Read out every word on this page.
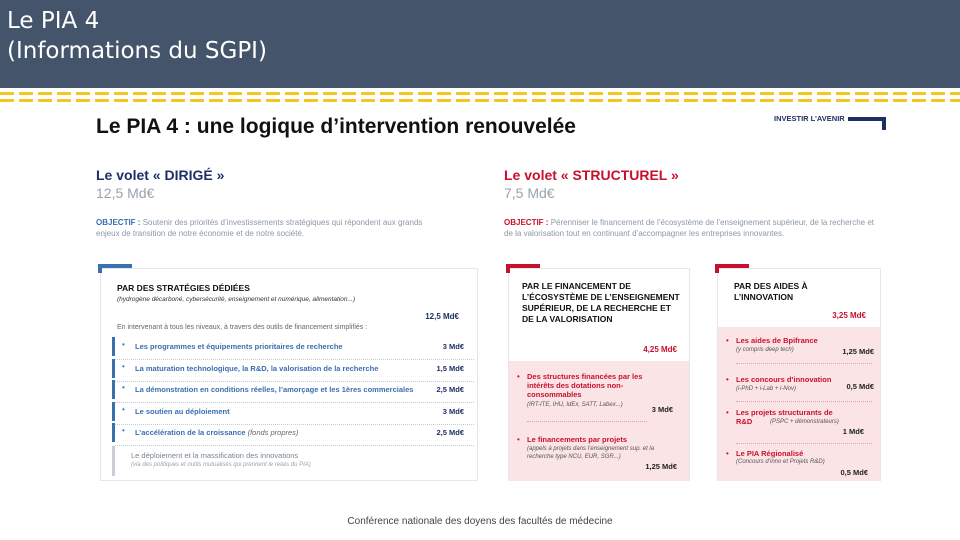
Le PIA 4
(Informations du SGPI)
Le PIA 4 : une logique d’intervention renouvelée	INVESTIR L’AVENIR
Le volet « DIRIGÉ »
12,5 Md€
OBJECTIF : Soutenir des priorités d’investissements stratégiques qui répondent aux grands enjeux de transition de notre économie et de notre société.
PAR DES STRATÉGIES DÉDIÉES
(hydrogène décarboné, cybersécurité, enseignement et numérique, alimentation...)
12,5 Md€
En intervenant à tous les niveaux, à travers des outils de financement simplifiés :
• Les programmes et équipements prioritaires de recherche	3 Md€
• La maturation technologique, la R&D, la valorisation de la recherche	1,5 Md€
• La démonstration en conditions réelles, l’amorçage et les 1ères commerciales	2,5 Md€
• Le soutien au déploiement	3 Md€
• L’accélération de la croissance (fonds propres)	2,5 Md€
Le déploiement et la massification des innovations
(via des politiques et outils mutualisés qui prennent le relais du PIA)
Le volet « STRUCTUREL »
7,5 Md€
OBJECTIF : Pérenniser le financement de l’écosystème de l’enseignement supérieur, de la recherche et de la valorisation tout en continuant d’accompagner les entreprises innovantes.
PAR LE FINANCEMENT DE L’ÉCOSYSTÈME DE L’ENSEIGNEMENT SUPÉRIEUR, DE LA RECHERCHE ET DE LA VALORISATION
4,25 Md€
• Des structures financées par les intérêts des dotations non-consommables
(IRT-ITE, IHU, IdEx, SATT, Labex...)	3 Md€
• Le financements par projets
(appels à projets dans l’enseignement sup. et la recherche type NCU, EUR, SGR...)
1,25 Md€
PAR DES AIDES À L’INNOVATION
3,25 Md€
• Les aides de Bpifrance
(y compris deep tech)	1,25 Md€
• Les concours d’innovation
(i-PhD + i-Lab + i-Nov)	0,5 Md€
• Les projets structurants de R&D	(PSPC + démonstrateurs)
1 Md€
• Le PIA Régionalisé
(Concours d’inno et Projets R&D)
0,5 Md€
Conférence nationale des doyens des facultés de médecine
